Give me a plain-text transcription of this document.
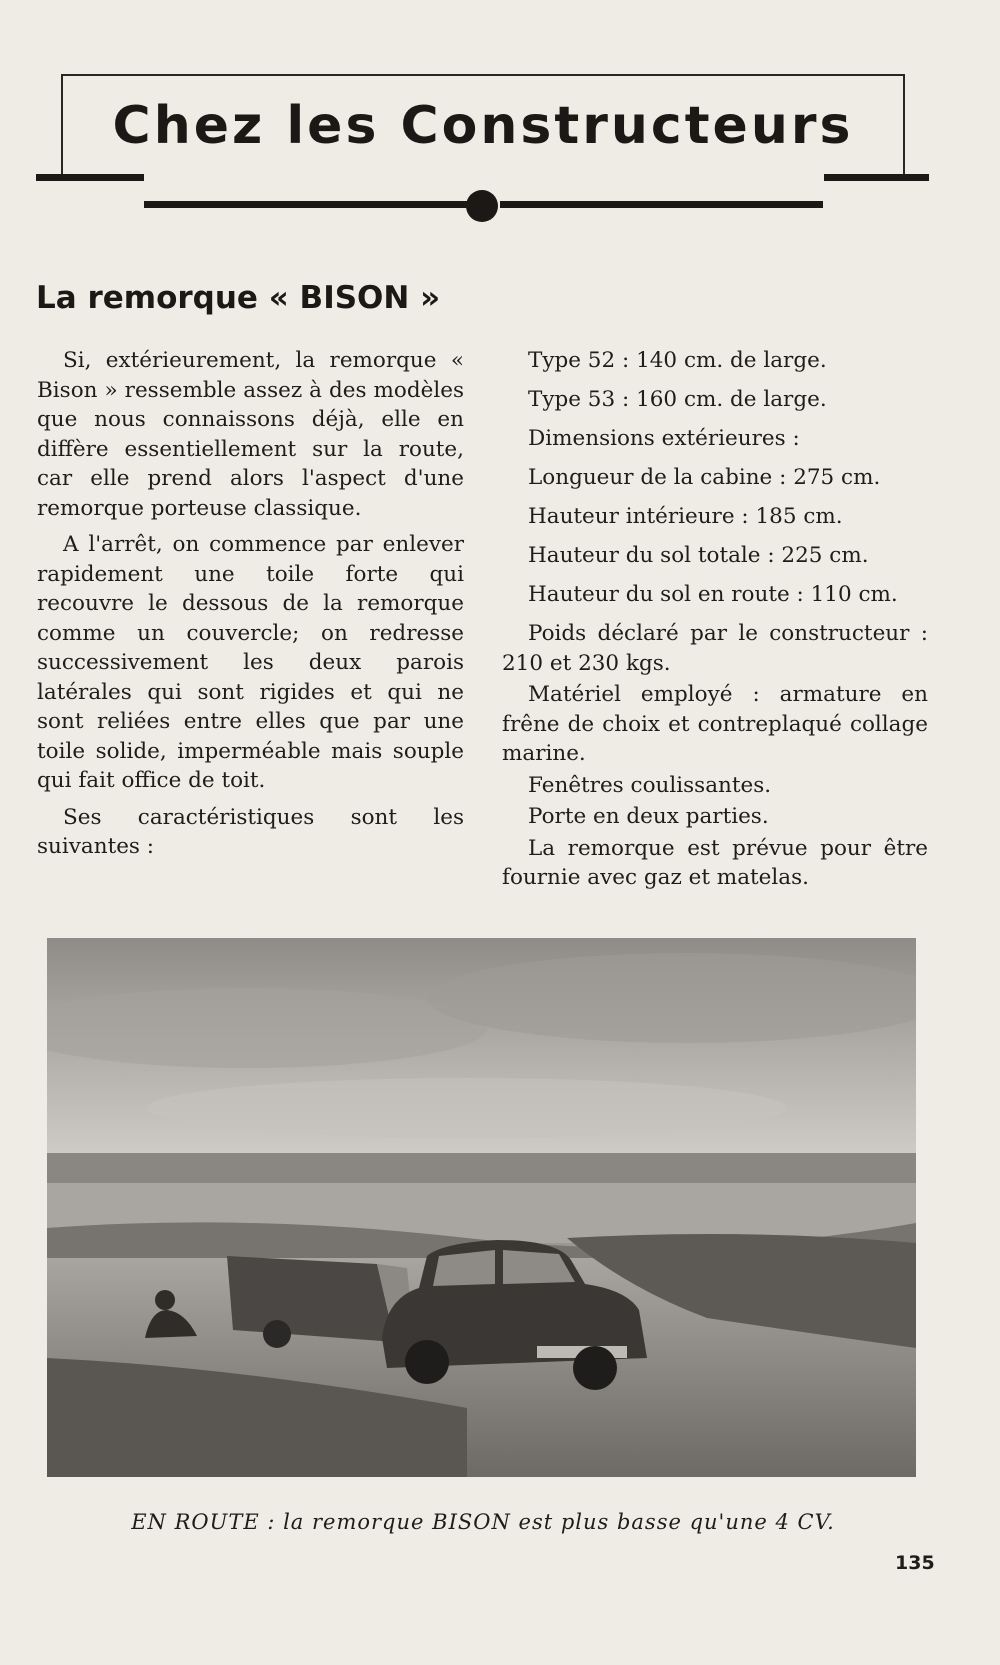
Chez les Constructeurs
La remorque « BISON »

Si, extérieurement, la remorque « Bison » ressemble assez à des modèles que nous connaissons déjà, elle en diffère essentiellement sur la route, car elle prend alors l'aspect d'une remorque porteuse classique.

A l'arrêt, on commence par enlever rapidement une toile forte qui recouvre le dessous de la remorque comme un couvercle; on redresse successivement les deux parois latérales qui sont rigides et qui ne sont reliées entre elles que par une toile solide, imperméable mais souple qui fait office de toit.

Ses caractéristiques sont les suivantes :

Type 52 : 140 cm. de large.

Type 53 : 160 cm. de large.

Dimensions extérieures :

Longueur de la cabine : 275 cm.

Hauteur intérieure : 185 cm.

Hauteur du sol totale : 225 cm.

Hauteur du sol en route : 110 cm.

Poids déclaré par le constructeur : 210 et 230 kgs.

Matériel employé : armature en frêne de choix et contreplaqué collage marine.

Fenêtres coulissantes.

Porte en deux parties.

La remorque est prévue pour être fournie avec gaz et matelas.

EN ROUTE : la remorque BISON est plus basse qu'une 4 CV.
135
